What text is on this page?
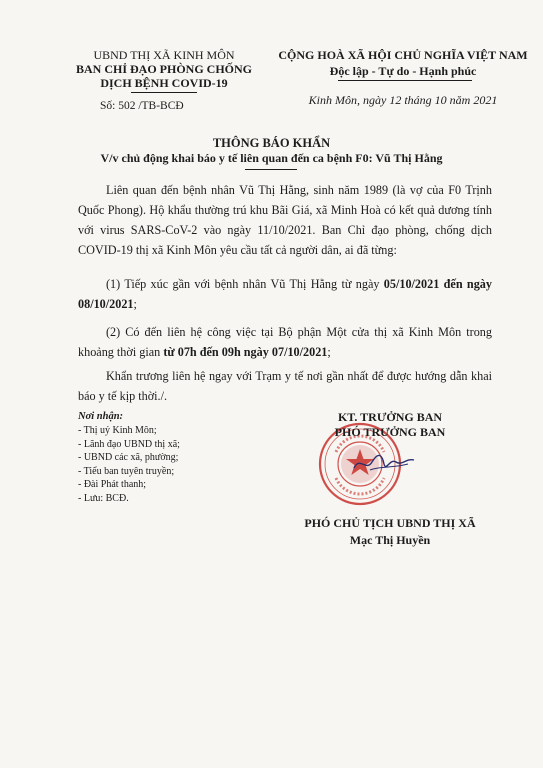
UBND THỊ XÃ KINH MÔN
BAN CHỈ ĐẠO PHÒNG CHỐNG
DỊCH BỆNH COVID-19
Số: 502 /TB-BCĐ
CỘNG HOÀ XÃ HỘI CHỦ NGHĨA VIỆT NAM
Độc lập - Tự do - Hạnh phúc
Kinh Môn, ngày 12 tháng 10 năm 2021
THÔNG BÁO KHẨN
V/v chủ động khai báo y tế liên quan đến ca bệnh F0: Vũ Thị Hằng
Liên quan đến bệnh nhân Vũ Thị Hằng, sinh năm 1989 (là vợ của F0 Trịnh Quốc Phong). Hộ khẩu thường trú khu Bãi Giá, xã Minh Hoà có kết quả dương tính với virus SARS-CoV-2 vào ngày 11/10/2021. Ban Chỉ đạo phòng, chống dịch COVID-19 thị xã Kinh Môn yêu cầu tất cả người dân, ai đã từng:
(1) Tiếp xúc gần với bệnh nhân Vũ Thị Hằng từ ngày 05/10/2021 đến ngày 08/10/2021;
(2) Có đến liên hệ công việc tại Bộ phận Một cửa thị xã Kinh Môn trong khoảng thời gian từ 07h đến 09h ngày 07/10/2021;
Khẩn trương liên hệ ngay với Trạm y tế nơi gần nhất để được hướng dẫn khai báo y tế kịp thời./.
Nơi nhận:
- Thị uỷ Kinh Môn;
- Lãnh đạo UBND thị xã;
- UBND các xã, phường;
- Tiểu ban tuyên truyền;
- Đài Phát thanh;
- Lưu: BCĐ.
KT. TRƯỞNG BAN
PHÓ TRƯỞNG BAN
PHÓ CHỦ TỊCH UBND THỊ XÃ
Mạc Thị Huyền
